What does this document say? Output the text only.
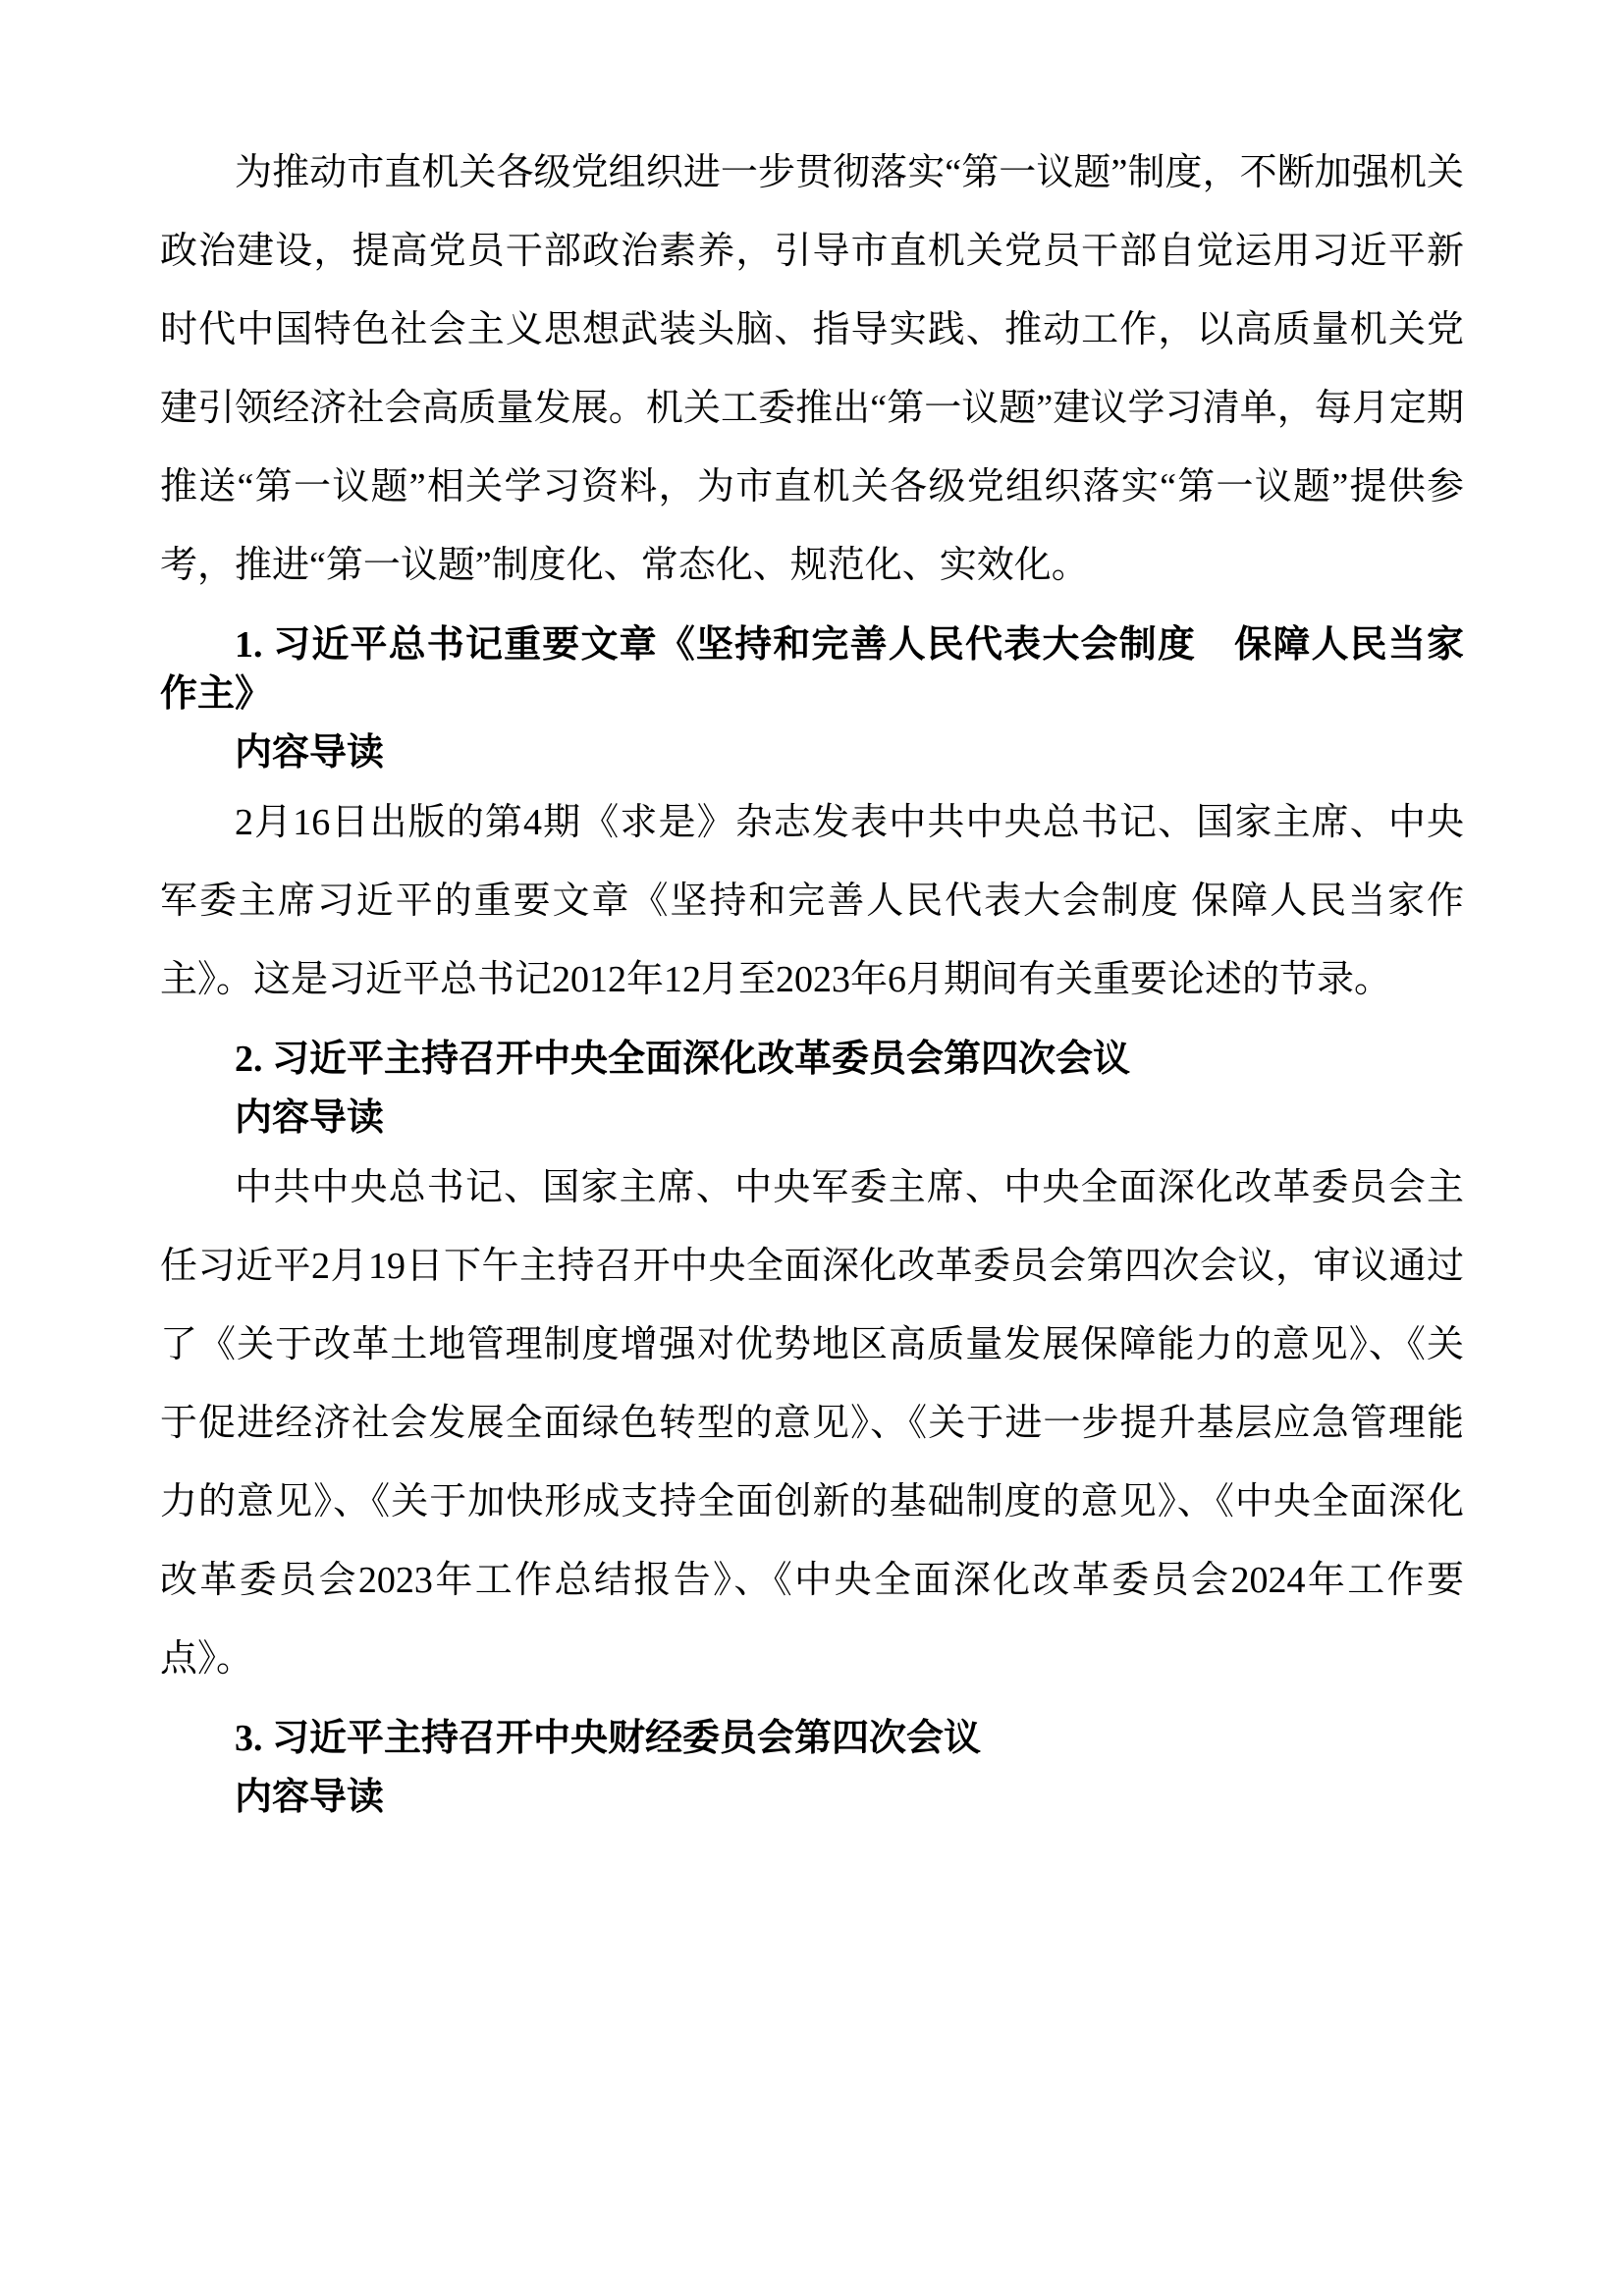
为推动市直机关各级党组织进一步贯彻落实“第一议题”制度，不断加强机关政治建设，提高党员干部政治素养，引导市直机关党员干部自觉运用习近平新时代中国特色社会主义思想武装头脑、指导实践、推动工作，以高质量机关党建引领经济社会高质量发展。机关工委推出“第一议题”建议学习清单，每月定期推送“第一议题”相关学习资料，为市直机关各级党组织落实“第一议题”提供参考，推进“第一议题”制度化、常态化、规范化、实效化。

1. 习近平总书记重要文章《坚持和完善人民代表大会制度　保障人民当家作主》
内容导读

2月16日出版的第4期《求是》杂志发表中共中央总书记、国家主席、中央军委主席习近平的重要文章《坚持和完善人民代表大会制度 保障人民当家作主》。这是习近平总书记2012年12月至2023年6月期间有关重要论述的节录。

2. 习近平主持召开中央全面深化改革委员会第四次会议
内容导读

中共中央总书记、国家主席、中央军委主席、中央全面深化改革委员会主任习近平2月19日下午主持召开中央全面深化改革委员会第四次会议，审议通过了《关于改革土地管理制度增强对优势地区高质量发展保障能力的意见》、《关于促进经济社会发展全面绿色转型的意见》、《关于进一步提升基层应急管理能力的意见》、《关于加快形成支持全面创新的基础制度的意见》、《中央全面深化改革委员会2023年工作总结报告》、《中央全面深化改革委员会2024年工作要点》。

3. 习近平主持召开中央财经委员会第四次会议
内容导读
